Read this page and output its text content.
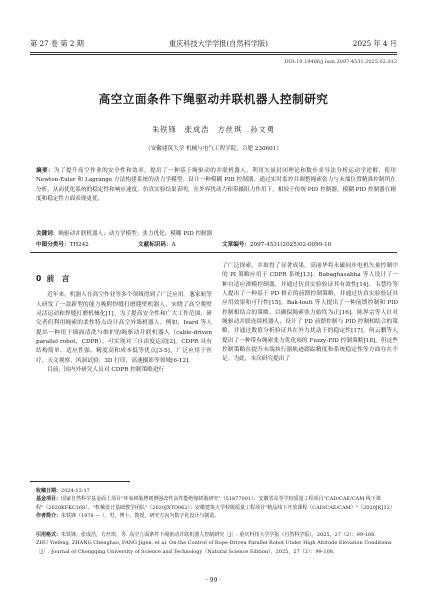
第 27 卷 第 2 期	重庆科技大学学报(自然科学版)	2025 年 4 月
DOI:10.19406/j.issn.2097-4531.2025.02.012
高空立面条件下绳驱动并联机器人控制研究
朱铁锋　张成浩　方丝琪　孙文勇
（安徽建筑大学 机械与电气工程学院，合肥 230601）
摘要：为了提升高空作业的安全性和效率，提出了一种基于绳驱动的并联机器人。利用矢量封闭理论和数步求导法分析运动学逆解，使用 Newton-Euler 和 Lagrange 方法构建系统的动力学模型。设计一种模糊 PID 控制器，通过实时监控并调整绳索张力与末端位置精准控制所在分析，从而优化系统的稳定性和响应速度。仿真实验结果表明，在外界扰动力和带摄阻力作用下，相较于传统 PID 控制器，模糊 PID 控制器在精度和稳定性方面表现更优。
关键词：绳驱动并联机器人；动力学模型；张力优化；模糊 PID 控制器
中图分类号：TH242	文献标识码：A	文章编号：2097-4531(2025)02-0099-10
0 前　言

近年来，机器人在高空作业等多个领域得到了广泛应用。葱家航等人研发了一款新型的能力吸附焊缝打磨爬壁机器人，宋晓了高空爬壁灵活运动和焊缝打磨机械化[1]。为了提高安全性和广大工作范围，研究者们利用绳索的柔性特点设计高空外墙机器人。例如，Izard 等人提出一种用于墙面清洗与维护的绳驱动并联机器人（cable-driven parallel robot，CDPR），可实现对三自由度运动[2]。CDPR 具有结构简单、适应性强、精度高和成本低等优点[3-5]，广泛应用于医疗、天文观察、风洞试验、3D 打印、高速摄影等领域[6-12]。

目前，国内外研究人员对 CDPR 控制策略进行

了广泛探索，并取得了显著成果。高丽华将永磁同步电机矢量控制中的 PI 策略应用于 CDPR 系统[13]。Babaghasabha 等人设计了一种自适应滑模控制器，并通过仿真实验验证其有效性[14]。韦慧玲等人提出了一种基于 PD 修正的前馈控制策略，并通过仿真实验验证其应用效果和可行性[15]。Bak-louti 等人提出了一种前馈控制和 PID 控制相结合的策略，以确保绳索张力始终为正[16]。陈界宗等人针对绳驱动并联连续机器人，设计了 PD 前馈控制与 PID 控制相结合的策略，并通过数值分析验证其在外力扰动下的稳定性[17]。何云鹏等人提出了一种带有绳索张力优化项的 Fuzzy-PID 控制策略[18]，但这些控制策略在提升末端执行器轨迹跟踪精度和系统稳定性等方面存在不足。为此，本次研究提出了

收稿日期：2024-12-17

基金项目：国家自然科学基金面上项目"环氧树脂增韧增强改性高性能绝缘树脂研究"（51877001）；安徽省高等学校质量工程项目"CAD/CAE/CAM 线下课程"（2020KFKC168）、"机械设计基础教学团队"（2020JXTD062）；安徽建筑大学校级质量工程项目"精品线下开放课程（CAD/CAE/CAM）"（2020JKJ12）

作者简介：朱铁锋（1978 — ），男，博士，教授，研究方向为数字化设计与制造。

引用格式：朱铁锋，张成浩，方丝琪，等. 高空立面条件下绳驱动并联机器人控制研究［J］. 重庆科技大学学报（自然科学版），2025，27（2）：99-108.

ZHU Yiefeng, ZHANG Chenghao, FANG Jigen, et al. On the Control of Rope-Driven Parallel Robot Under High Altitude Elevation Conditions［J］. Journal of Chongqing University of Science and Technology（Natural Science Edition），2025，27（2）：99-108.

· 99 ·
